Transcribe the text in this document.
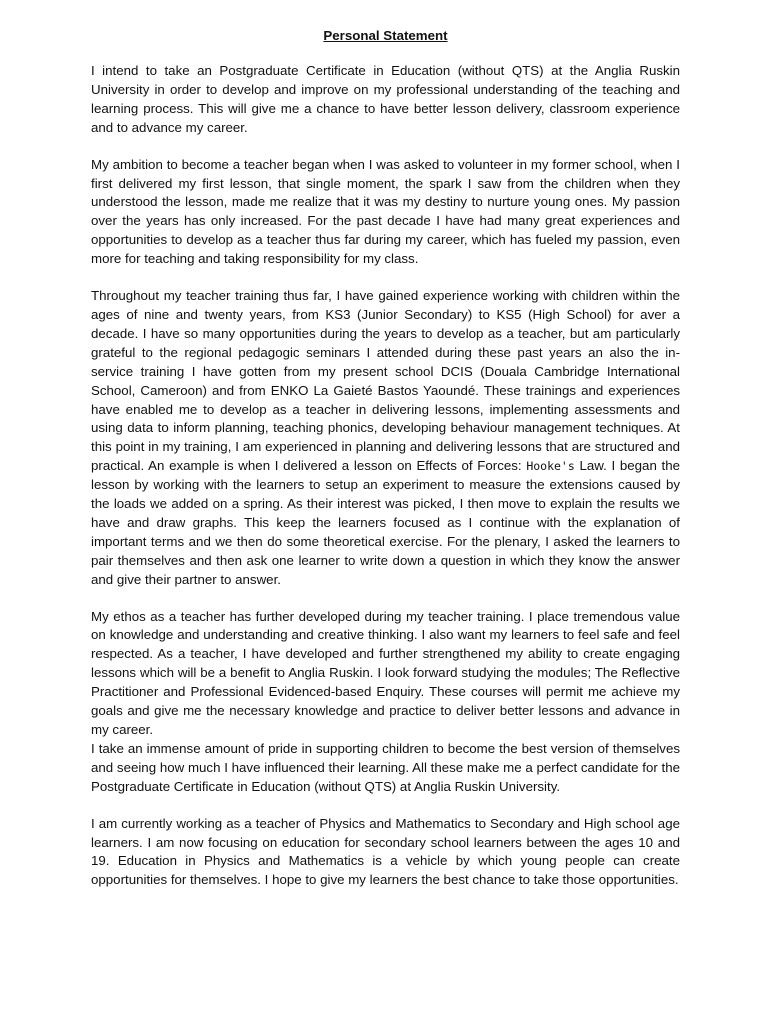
Personal Statement

I intend to take an Postgraduate Certificate in Education (without QTS) at the Anglia Ruskin University in order to develop and improve on my professional understanding of the teaching and learning process. This will give me a chance to have better lesson delivery, classroom experience and to advance my career.

My ambition to become a teacher began when I was asked to volunteer in my former school, when I first delivered my first lesson, that single moment, the spark I saw from the children when they understood the lesson, made me realize that it was my destiny to nurture young ones. My passion over the years has only increased. For the past decade I have had many great experiences and opportunities to develop as a teacher thus far during my career, which has fueled my passion, even more for teaching and taking responsibility for my class.

Throughout my teacher training thus far, I have gained experience working with children within the ages of nine and twenty years, from KS3 (Junior Secondary) to KS5 (High School) for aver a decade. I have so many opportunities during the years to develop as a teacher, but am particularly grateful to the regional pedagogic seminars I attended during these past years an also the in-service training I have gotten from my present school DCIS (Douala Cambridge International School, Cameroon) and from ENKO La Gaieté Bastos Yaoundé. These trainings and experiences have enabled me to develop as a teacher in delivering lessons, implementing assessments and using data to inform planning, teaching phonics, developing behaviour management techniques. At this point in my training, I am experienced in planning and delivering lessons that are structured and practical. An example is when I delivered a lesson on Effects of Forces: Hooke's Law. I began the lesson by working with the learners to setup an experiment to measure the extensions caused by the loads we added on a spring. As their interest was picked, I then move to explain the results we have and draw graphs. This keep the learners focused as I continue with the explanation of important terms and we then do some theoretical exercise. For the plenary, I asked the learners to pair themselves and then ask one learner to write down a question in which they know the answer and give their partner to answer.

My ethos as a teacher has further developed during my teacher training. I place tremendous value on knowledge and understanding and creative thinking. I also want my learners to feel safe and feel respected. As a teacher, I have developed and further strengthened my ability to create engaging lessons which will be a benefit to Anglia Ruskin. I look forward studying the modules; The Reflective Practitioner and Professional Evidenced-based Enquiry. These courses will permit me achieve my goals and give me the necessary knowledge and practice to deliver better lessons and advance in my career.

I take an immense amount of pride in supporting children to become the best version of themselves and seeing how much I have influenced their learning. All these make me a perfect candidate for the Postgraduate Certificate in Education (without QTS) at Anglia Ruskin University.

I am currently working as a teacher of Physics and Mathematics to Secondary and High school age learners. I am now focusing on education for secondary school learners between the ages 10 and 19. Education in Physics and Mathematics is a vehicle by which young people can create opportunities for themselves. I hope to give my learners the best chance to take those opportunities.
